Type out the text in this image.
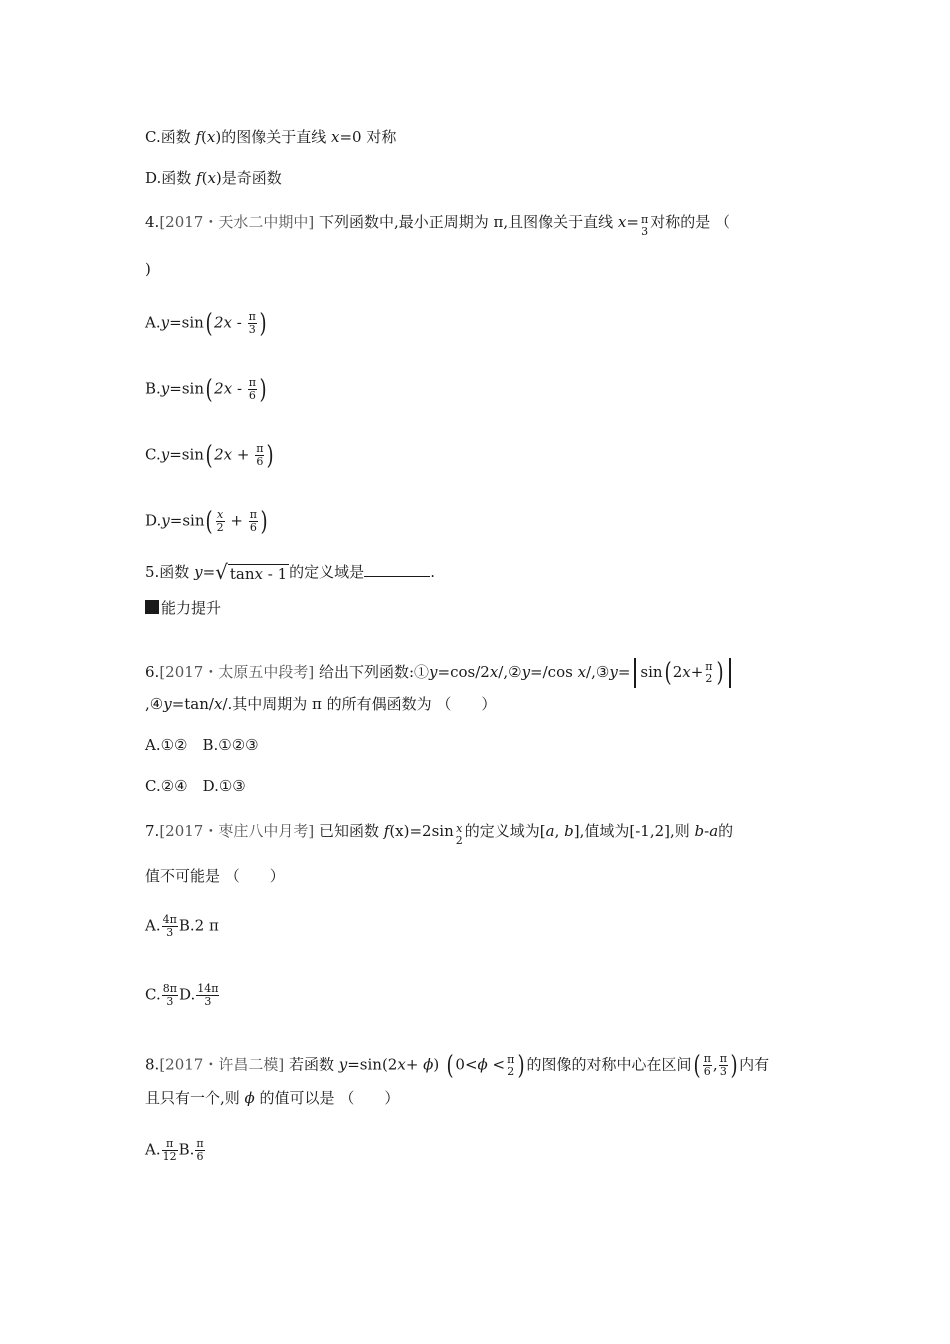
C.函数 f(x)的图像关于直线 x=0 对称
D.函数 f(x)是奇函数
4.[2017・天水二中期中] 下列函数中,最小正周期为 π,且图像关于直线 x= π
3
对称的是 （
)
A.y=sin( $2x - \frac{\pi}{3}$ )
B.y=sin( $2x - \frac{\pi}{6}$ )
C.y=sin( $2x + \frac{\pi}{6}$ )
$D.y=\sin( \frac{x}{2} + \frac{\pi}{6}$ )
5.函数 y=√ tanx - 1 的定义域是	.
能力提升
6.[2017・太原五中段考] 给出下列函数:①y=cos/2x/,②y=/cos x/,③y= sin( 2x+ π
2 )
,④y=tan/x/.其中周期为 π 的所有偶函数为 （　　）
A.①②　B.①②③
C.②④　D.①③
7.[2017・枣庄八中月考] 已知函数 f(x)=2sin x
2
的定义域为[a, b],值域为[-1,2],则 b-a的
值不可能是 （　　）
A. $\frac{4\pi}{3} B.2$ π
C. $\frac{8\pi}{3} D$. $\frac{14\pi}{3}$
8.[2017・许昌二模] 若函数 y=sin(2x+ ϕ) ( 0<ϕ < π
2 ) 的图像的对称中心在区间( $\frac{\pi}{6}$ , $\frac{\pi}{3}$ ) 内有
且只有一个,则 ϕ 的值可以是 （　　）
A. $\frac{\pi}{12} B$. $\frac{\pi}{6}$
